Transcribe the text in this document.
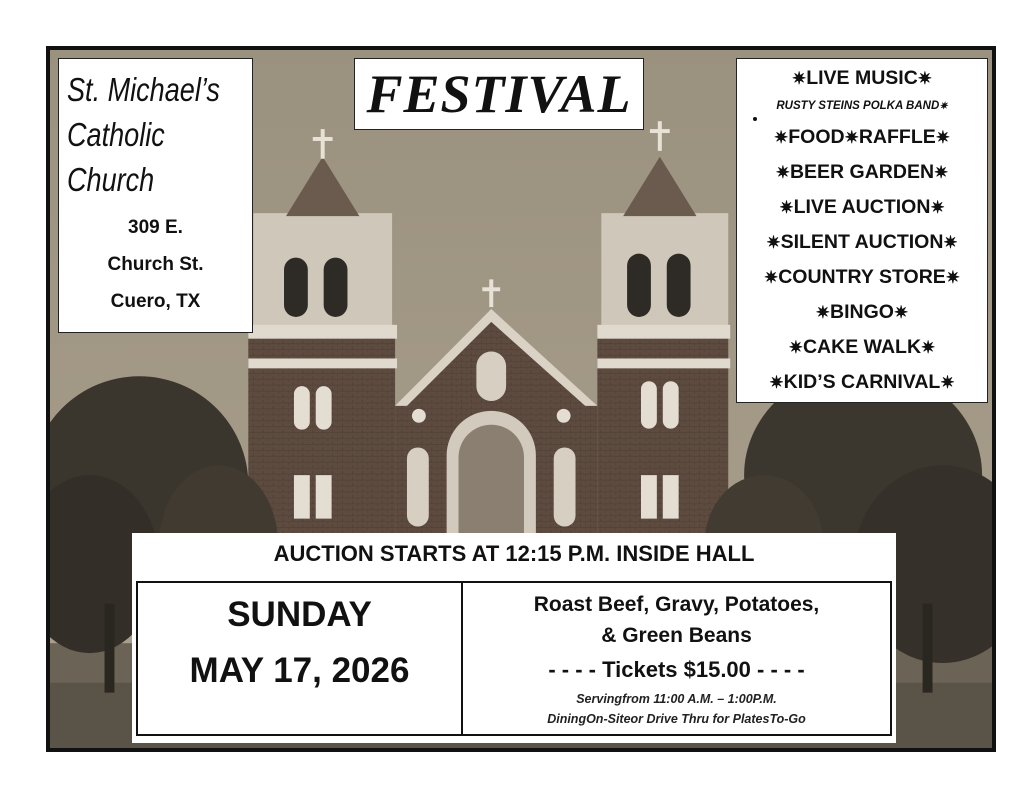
St. Michael’s
Catholic
Church
309 E.
Church St.
Cuero, TX
FESTIVAL	✷LIVE MUSIC✷
RUSTY STEINS POLKA BAND✷
✷FOOD✷RAFFLE✷
✷BEER GARDEN✷
✷LIVE AUCTION✷
✷SILENT AUCTION✷
✷COUNTRY STORE✷
✷BINGO✷
✷CAKE WALK✷
✷KID’S CARNIVAL✷
AUCTION STARTS AT 12:15 P.M. INSIDE HALL
SUNDAY
MAY 17, 2026
Roast Beef, Gravy, Potatoes,
& Green Beans
- - - - Tickets $15.00 - - - -
Servingfrom 11:00 A.M. – 1:00P.M.
DiningOn-Siteor Drive Thru for PlatesTo-Go
